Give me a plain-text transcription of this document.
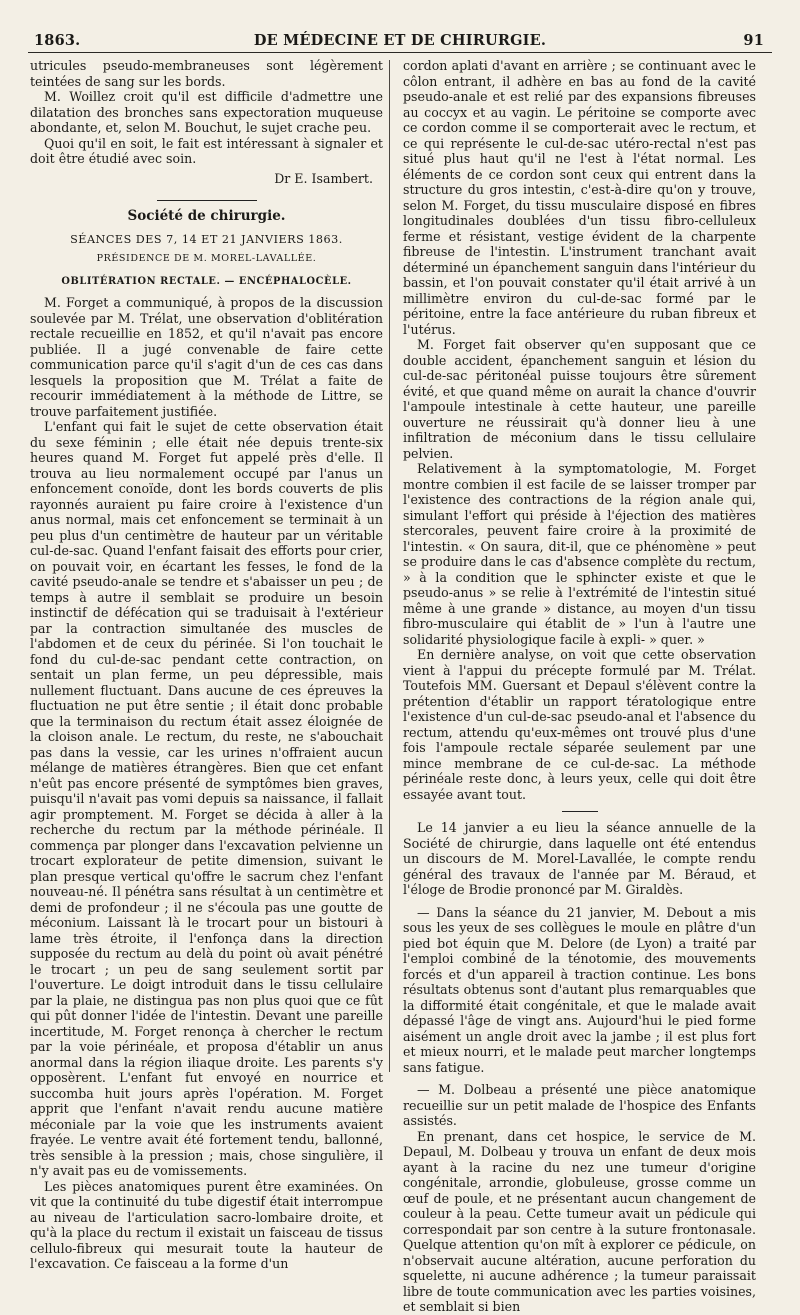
1863.	DE MÉDECINE ET DE CHIRURGIE.	91

utricules pseudo-membraneuses sont légèrement teintées de sang sur les bords.

M. Woillez croit qu'il est difficile d'admettre une dilatation des bronches sans expectoration muqueuse abondante, et, selon M. Bouchut, le sujet crache peu.

Quoi qu'il en soit, le fait est intéressant à signaler et doit être étudié avec soin.

Dr E. Isambert.
Société de chirurgie.
SÉANCES DES 7, 14 ET 21 JANVIERS 1863.
PRÉSIDENCE DE M. MOREL-LAVALLÉE.
OBLITÉRATION RECTALE. — ENCÉPHALOCÈLE.

M. Forget a communiqué, à propos de la discussion soulevée par M. Trélat, une observation d'oblitération rectale recueillie en 1852, et qu'il n'avait pas encore publiée. Il a jugé convenable de faire cette communication parce qu'il s'agit d'un de ces cas dans lesquels la proposition que M. Trélat a faite de recourir immédiatement à la méthode de Littre, se trouve parfaitement justifiée.

L'enfant qui fait le sujet de cette observation était du sexe féminin ; elle était née depuis trente-six heures quand M. Forget fut appelé près d'elle. Il trouva au lieu normalement occupé par l'anus un enfoncement conoïde, dont les bords couverts de plis rayonnés auraient pu faire croire à l'existence d'un anus normal, mais cet enfoncement se terminait à un peu plus d'un centimètre de hauteur par un véritable cul-de-sac. Quand l'enfant faisait des efforts pour crier, on pouvait voir, en écartant les fesses, le fond de la cavité pseudo-anale se tendre et s'abaisser un peu ; de temps à autre il semblait se produire un besoin instinctif de défécation qui se traduisait à l'extérieur par la contraction simultanée des muscles de l'abdomen et de ceux du périnée. Si l'on touchait le fond du cul-de-sac pendant cette contraction, on sentait un plan ferme, un peu dépressible, mais nullement fluctuant. Dans aucune de ces épreuves la fluctuation ne put être sentie ; il était donc probable que la terminaison du rectum était assez éloignée de la cloison anale. Le rectum, du reste, ne s'abouchait pas dans la vessie, car les urines n'offraient aucun mélange de matières étrangères. Bien que cet enfant n'eût pas encore présenté de symptômes bien graves, puisqu'il n'avait pas vomi depuis sa naissance, il fallait agir promptement. M. Forget se décida à aller à la recherche du rectum par la méthode périnéale. Il commença par plonger dans l'excavation pelvienne un trocart explorateur de petite dimension, suivant le plan presque vertical qu'offre le sacrum chez l'enfant nouveau-né. Il pénétra sans résultat à un centimètre et demi de profondeur ; il ne s'écoula pas une goutte de méconium. Laissant là le trocart pour un bistouri à lame très étroite, il l'enfonça dans la direction supposée du rectum au delà du point où avait pénétré le trocart ; un peu de sang seulement sortit par l'ouverture. Le doigt introduit dans le tissu cellulaire par la plaie, ne distingua pas non plus quoi que ce fût qui pût donner l'idée de l'intestin. Devant une pareille incertitude, M. Forget renonça à chercher le rectum par la voie périnéale, et proposa d'établir un anus anormal dans la région iliaque droite. Les parents s'y opposèrent. L'enfant fut envoyé en nourrice et succomba huit jours après l'opération. M. Forget apprit que l'enfant n'avait rendu aucune matière méconiale par la voie que les instruments avaient frayée. Le ventre avait été fortement tendu, ballonné, très sensible à la pression ; mais, chose singulière, il n'y avait pas eu de vomissements.

Les pièces anatomiques purent être examinées. On vit que la continuité du tube digestif était interrompue au niveau de l'articulation sacro-lombaire droite, et qu'à la place du rectum il existait un faisceau de tissus cellulo-fibreux qui mesurait toute la hauteur de l'excavation. Ce faisceau a la forme d'un

cordon aplati d'avant en arrière ; se continuant avec le côlon entrant, il adhère en bas au fond de la cavité pseudo-anale et est relié par des expansions fibreuses au coccyx et au vagin. Le péritoine se comporte avec ce cordon comme il se comporterait avec le rectum, et ce qui représente le cul-de-sac utéro-rectal n'est pas situé plus haut qu'il ne l'est à l'état normal. Les éléments de ce cordon sont ceux qui entrent dans la structure du gros intestin, c'est-à-dire qu'on y trouve, selon M. Forget, du tissu musculaire disposé en fibres longitudinales doublées d'un tissu fibro-celluleux ferme et résistant, vestige évident de la charpente fibreuse de l'intestin. L'instrument tranchant avait déterminé un épanchement sanguin dans l'intérieur du bassin, et l'on pouvait constater qu'il était arrivé à un millimètre environ du cul-de-sac formé par le péritoine, entre la face antérieure du ruban fibreux et l'utérus.

M. Forget fait observer qu'en supposant que ce double accident, épanchement sanguin et lésion du cul-de-sac péritonéal puisse toujours être sûrement évité, et que quand même on aurait la chance d'ouvrir l'ampoule intestinale à cette hauteur, une pareille ouverture ne réussirait qu'à donner lieu à une infiltration de méconium dans le tissu cellulaire pelvien.

Relativement à la symptomatologie, M. Forget montre combien il est facile de se laisser tromper par l'existence des contractions de la région anale qui, simulant l'effort qui préside à l'éjection des matières stercorales, peuvent faire croire à la proximité de l'intestin. « On saura, dit-il, que ce phénomène » peut se produire dans le cas d'absence complète du rectum, » à la condition que le sphincter existe et que le pseudo-anus » se relie à l'extrémité de l'intestin situé même à une grande » distance, au moyen d'un tissu fibro-musculaire qui établit de » l'un à l'autre une solidarité physiologique facile à expli- » quer. »

En dernière analyse, on voit que cette observation vient à l'appui du précepte formulé par M. Trélat. Toutefois MM. Guersant et Depaul s'élèvent contre la prétention d'établir un rapport tératologique entre l'existence d'un cul-de-sac pseudo-anal et l'absence du rectum, attendu qu'eux-mêmes ont trouvé plus d'une fois l'ampoule rectale séparée seulement par une mince membrane de ce cul-de-sac. La méthode périnéale reste donc, à leurs yeux, celle qui doit être essayée avant tout.

Le 14 janvier a eu lieu la séance annuelle de la Société de chirurgie, dans laquelle ont été entendus un discours de M. Morel-Lavallée, le compte rendu général des travaux de l'année par M. Béraud, et l'éloge de Brodie prononcé par M. Giraldès.

— Dans la séance du 21 janvier, M. Debout a mis sous les yeux de ses collègues le moule en plâtre d'un pied bot équin que M. Delore (de Lyon) a traité par l'emploi combiné de la ténotomie, des mouvements forcés et d'un appareil à traction continue. Les bons résultats obtenus sont d'autant plus remarquables que la difformité était congénitale, et que le malade avait dépassé l'âge de vingt ans. Aujourd'hui le pied forme aisément un angle droit avec la jambe ; il est plus fort et mieux nourri, et le malade peut marcher longtemps sans fatigue.

— M. Dolbeau a présenté une pièce anatomique recueillie sur un petit malade de l'hospice des Enfants assistés.

En prenant, dans cet hospice, le service de M. Depaul, M. Dolbeau y trouva un enfant de deux mois ayant à la racine du nez une tumeur d'origine congénitale, arrondie, globuleuse, grosse comme un œuf de poule, et ne présentant aucun changement de couleur à la peau. Cette tumeur avait un pédicule qui correspondait par son centre à la suture frontonasale. Quelque attention qu'on mît à explorer ce pédicule, on n'observait aucune altération, aucune perforation du squelette, ni aucune adhérence ; la tumeur paraissait libre de toute communication avec les parties voisines, et semblait si bien
